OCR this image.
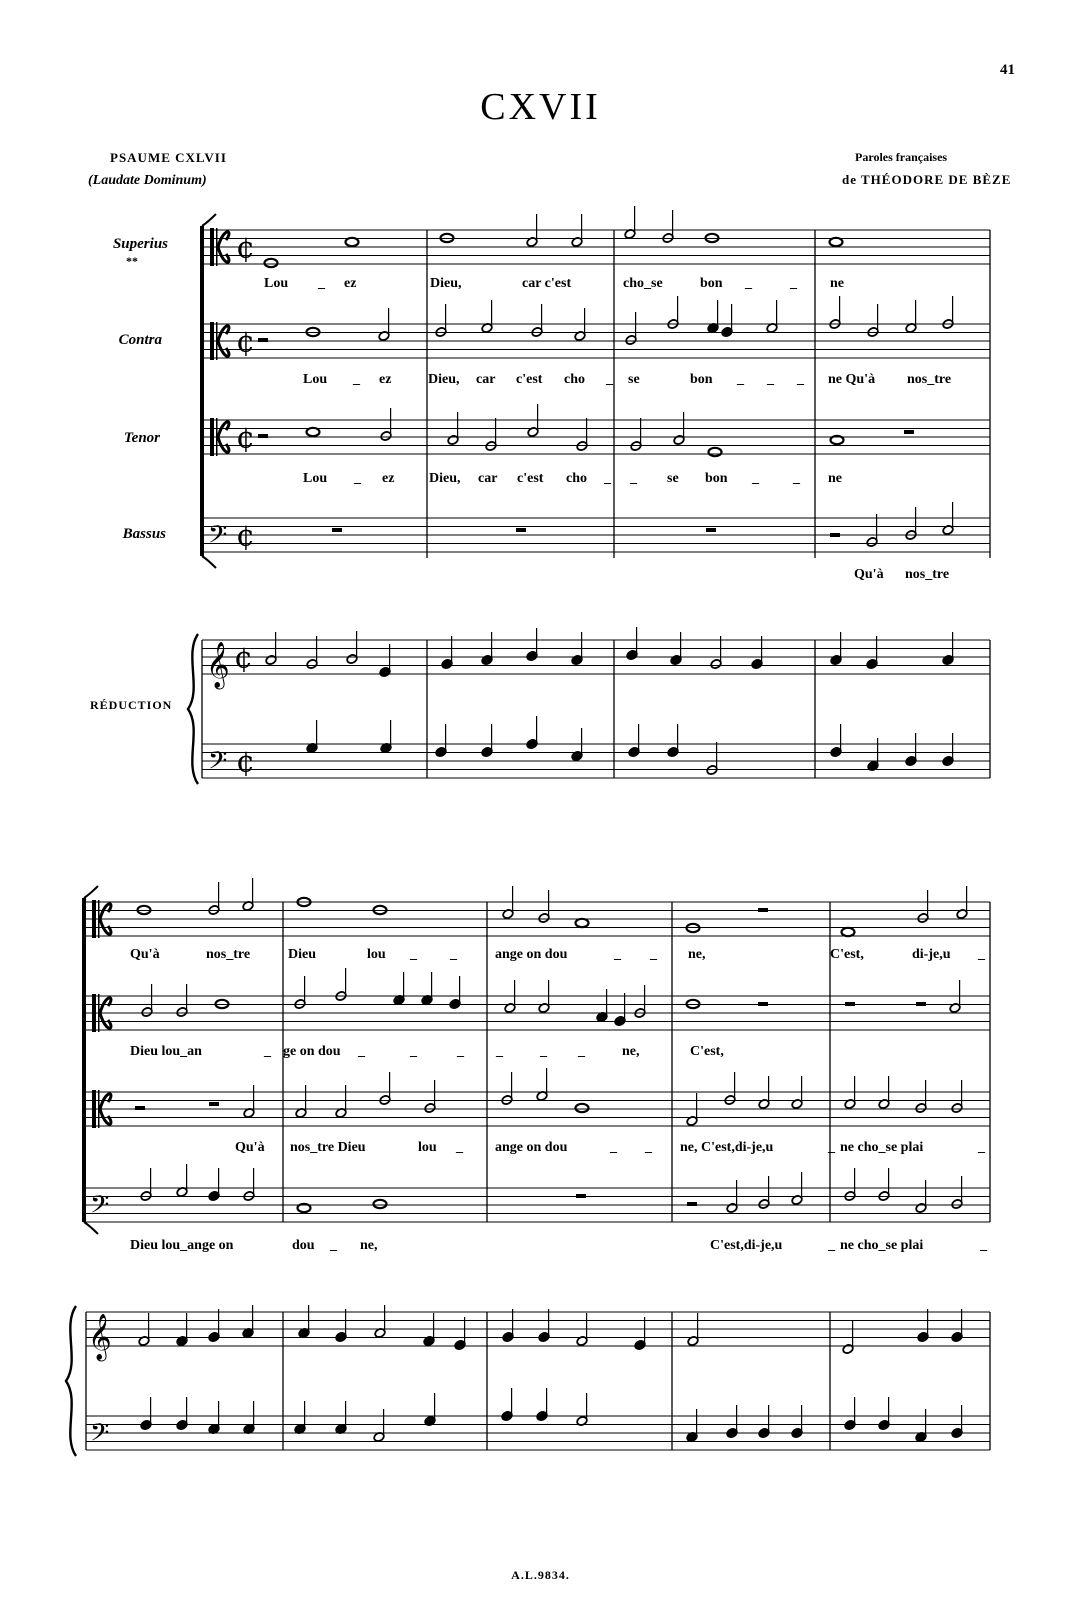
41
CXVII
PSAUME CXLVII
(Laudate Dominum)
Paroles françaises
de THÉODORE DE BÈZE
Superius
**
Contra
Tenor
Bassus
RÉDUCTION
¢
¢
¢
𝄢 ¢
𝄞 ¢
𝄢 ¢
𝄢
𝄞
𝄢
Lou _ ez	Dieu,	car c'est	cho_se	bon _	_ ne
Lou _ ez	Dieu, car c'est cho _ se	bon _ _ _ ne Qu'à nos_tre
Lou _ ez Dieu, car c'est cho _ _ se bon _ _ ne
Qu'à nos_tre
Qu'à	nos_tre	Dieu	lou _ _	ange on dou	_ _ ne,	C'est,	di-je,u _
Dieu lou_an	_ ge on dou _	_	_ _	_ _	ne,	C'est,
Qu'à nos_tre Dieu	lou _ ange on dou	_ _ ne, C'est,di-je,u	_ ne cho_se plai	_
Dieu lou_ange on	dou _ ne,	C'est,di-je,u	_ ne cho_se plai	_
A.L.9834.
